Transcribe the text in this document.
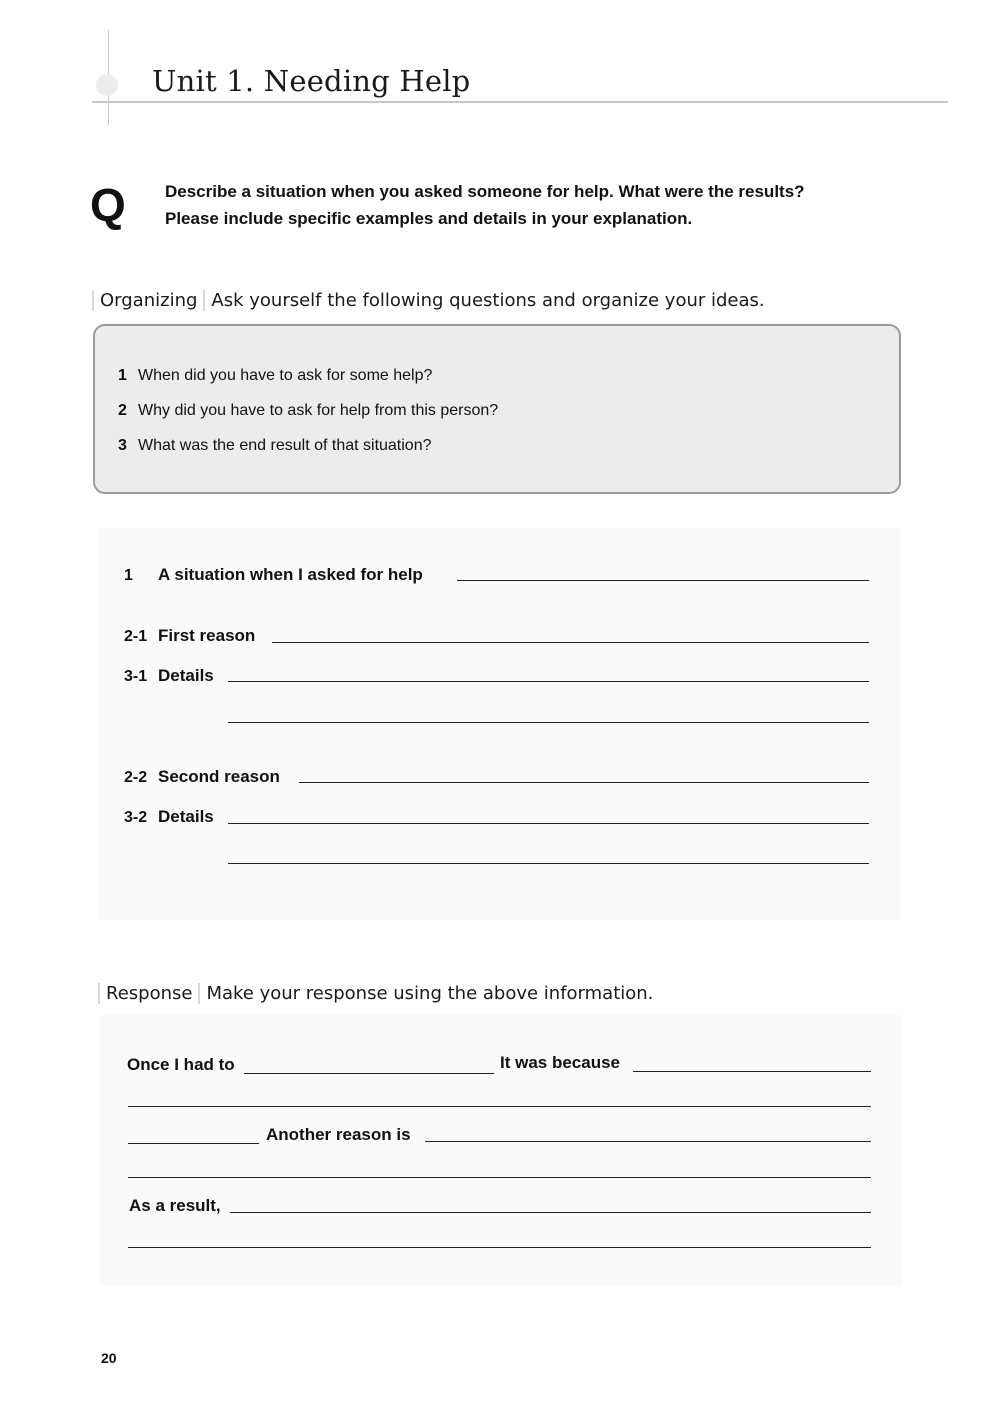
Unit 1. Needing Help
Q Describe a situation when you asked someone for help. What were the results?
Please include specific examples and details in your explanation.
Organizing Ask yourself the following questions and organize your ideas.
1 When did you have to ask for some help?
2 Why did you have to ask for help from this person?
3 What was the end result of that situation?
1 A situation when I asked for help
2-1 First reason
3-1 Details
2-2 Second reason
3-2 Details
Response Make your response using the above information.
Once I had to	It was because
Another reason is
As a result,
20
